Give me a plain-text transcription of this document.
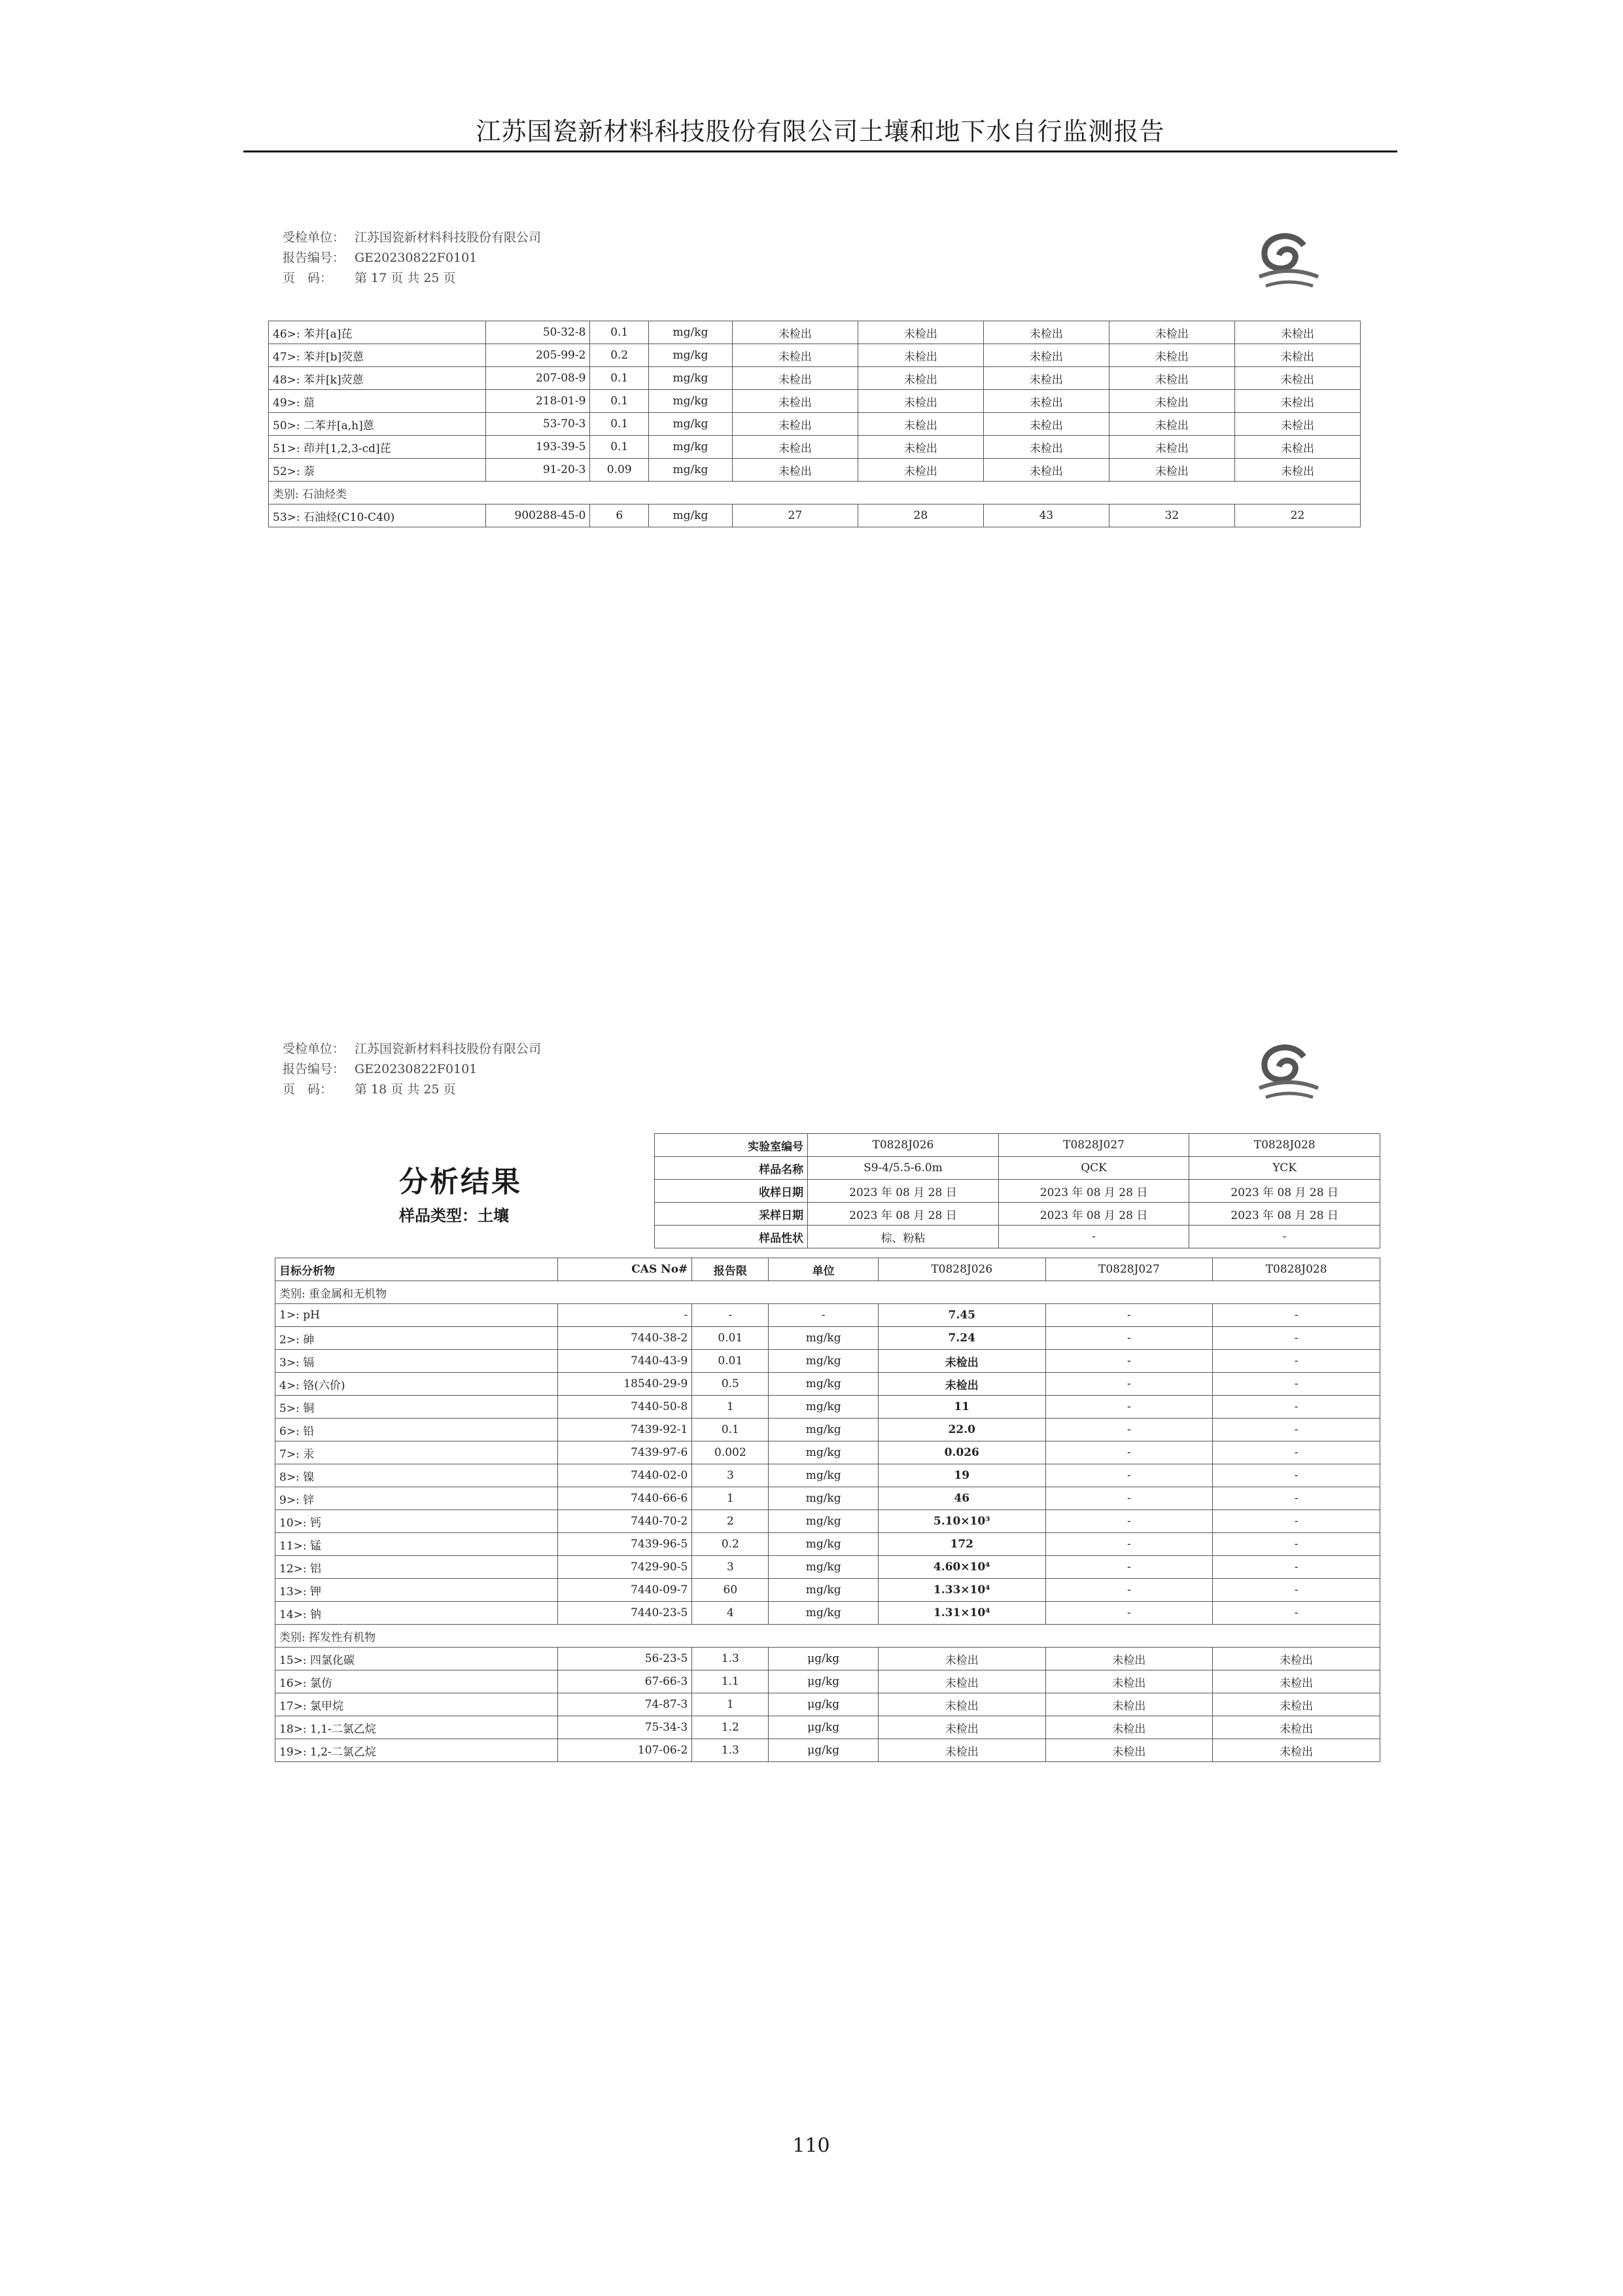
江苏国瓷新材料科技股份有限公司土壤和地下水自行监测报告
受检单位： 江苏国瓷新材料科技股份有限公司
报告编号： GE20230822F0101
页　码： 第 17 页 共 25 页
46>: 苯并[a]芘	50-32-8	0.1	mg/kg	未检出	未检出	未检出	未检出	未检出
47>: 苯并[b]荧蒽	205-99-2	0.2	mg/kg	未检出	未检出	未检出	未检出	未检出
48>: 苯并[k]荧蒽	207-08-9	0.1	mg/kg	未检出	未检出	未检出	未检出	未检出
49>: 䓛	218-01-9	0.1	mg/kg	未检出	未检出	未检出	未检出	未检出
50>: 二苯并[a,h]蒽	53-70-3	0.1	mg/kg	未检出	未检出	未检出	未检出	未检出
51>: 茚并[1,2,3-cd]芘	193-39-5	0.1	mg/kg	未检出	未检出	未检出	未检出	未检出
52>: 萘	91-20-3	0.09	mg/kg	未检出	未检出	未检出	未检出	未检出
类别: 石油烃类								
53>: 石油烃(C10-C40)	900288-45-0	6	mg/kg	27	28	43	32	22
受检单位： 江苏国瓷新材料科技股份有限公司
报告编号： GE20230822F0101
页　码： 第 18 页 共 25 页
分析结果
样品类型：土壤
实验室编号	T0828J026	T0828J027	T0828J028
样品名称	S9-4/5.5-6.0m	QCK	YCK
收样日期	2023 年 08 月 28 日	2023 年 08 月 28 日	2023 年 08 月 28 日
采样日期	2023 年 08 月 28 日	2023 年 08 月 28 日	2023 年 08 月 28 日
样品性状	棕、粉粘	-	-
目标分析物	CAS No#	报告限	单位	T0828J026	T0828J027	T0828J028
类别: 重金属和无机物						
1>: pH	-	-	-	7.45	-	-
2>: 砷	7440-38-2	0.01	mg/kg	7.24	-	-
3>: 镉	7440-43-9	0.01	mg/kg	未检出	-	-
4>: 铬(六价)	18540-29-9	0.5	mg/kg	未检出	-	-
5>: 铜	7440-50-8	1	mg/kg	11	-	-
6>: 铅	7439-92-1	0.1	mg/kg	22.0	-	-
7>: 汞	7439-97-6	0.002	mg/kg	0.026	-	-
8>: 镍	7440-02-0	3	mg/kg	19	-	-
9>: 锌	7440-66-6	1	mg/kg	46	-	-
10>: 钙	7440-70-2	2	mg/kg	5.10×10³	-	-
11>: 锰	7439-96-5	0.2	mg/kg	172	-	-
12>: 铝	7429-90-5	3	mg/kg	4.60×10⁴	-	-
13>: 钾	7440-09-7	60	mg/kg	1.33×10⁴	-	-
14>: 钠	7440-23-5	4	mg/kg	1.31×10⁴	-	-
类别: 挥发性有机物						
15>: 四氯化碳	56-23-5	1.3	μg/kg	未检出	未检出	未检出
16>: 氯仿	67-66-3	1.1	μg/kg	未检出	未检出	未检出
17>: 氯甲烷	74-87-3	1	μg/kg	未检出	未检出	未检出
18>: 1,1-二氯乙烷	75-34-3	1.2	μg/kg	未检出	未检出	未检出
19>: 1,2-二氯乙烷	107-06-2	1.3	μg/kg	未检出	未检出	未检出
110
